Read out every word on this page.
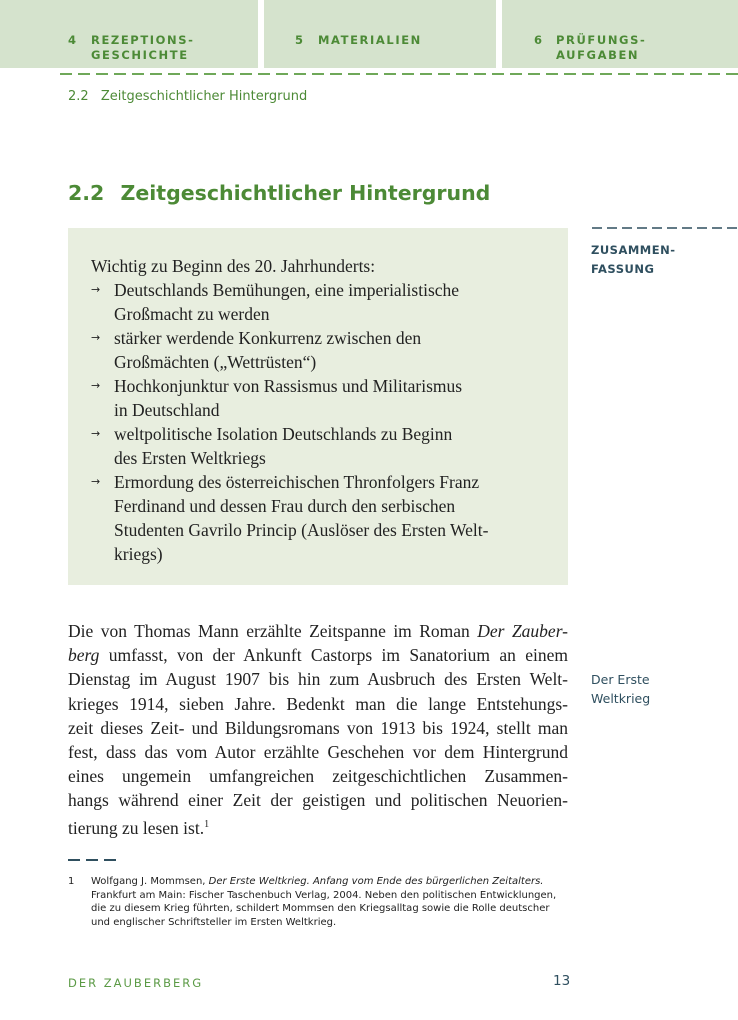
4 REZEPTIONS-
GESCHICHTE
5 MATERIALIEN	6 PRÜFUNGS-
AUFGABEN
2.2 Zeitgeschichtlicher Hintergrund
2.2 Zeitgeschichtlicher Hintergrund
ZUSAMMEN-
FASSUNG
Wichtig zu Beginn des 20. Jahrhunderts:
→ Deutschlands Bemühungen, eine imperialistische
Großmacht zu werden
→ stärker werdende Konkurrenz zwischen den
Großmächten („Wettrüsten“)
→ Hochkonjunktur von Rassismus und Militarismus
in Deutschland
→ weltpolitische Isolation Deutschlands zu Beginn
des Ersten Weltkriegs
→ Ermordung des österreichischen Thronfolgers Franz
Ferdinand und dessen Frau durch den serbischen
Studenten Gavrilo Princip (Auslöser des Ersten Welt-
kriegs)
Die von Thomas Mann erzählte Zeitspanne im Roman Der Zauber-
berg umfasst, von der Ankunft Castorps im Sanatorium an einem
Dienstag im August 1907 bis hin zum Ausbruch des Ersten Welt-
krieges 1914, sieben Jahre. Bedenkt man die lange Entstehungs-
zeit dieses Zeit- und Bildungsromans von 1913 bis 1924, stellt man
fest, dass das vom Autor erzählte Geschehen vor dem Hintergrund
eines ungemein umfangreichen zeitgeschichtlichen Zusammen-
hangs während einer Zeit der geistigen und politischen Neuorien-
tierung zu lesen ist.$^1$
Der Erste
Weltkrieg
1 Wolfgang J. Mommsen, Der Erste Weltkrieg. Anfang vom Ende des bürgerlichen Zeitalters.
Frankfurt am Main: Fischer Taschenbuch Verlag, 2004. Neben den politischen Entwicklungen,
die zu diesem Krieg führten, schildert Mommsen den Kriegsalltag sowie die Rolle deutscher
und englischer Schriftsteller im Ersten Weltkrieg.
DER ZAUBERBERG	13
